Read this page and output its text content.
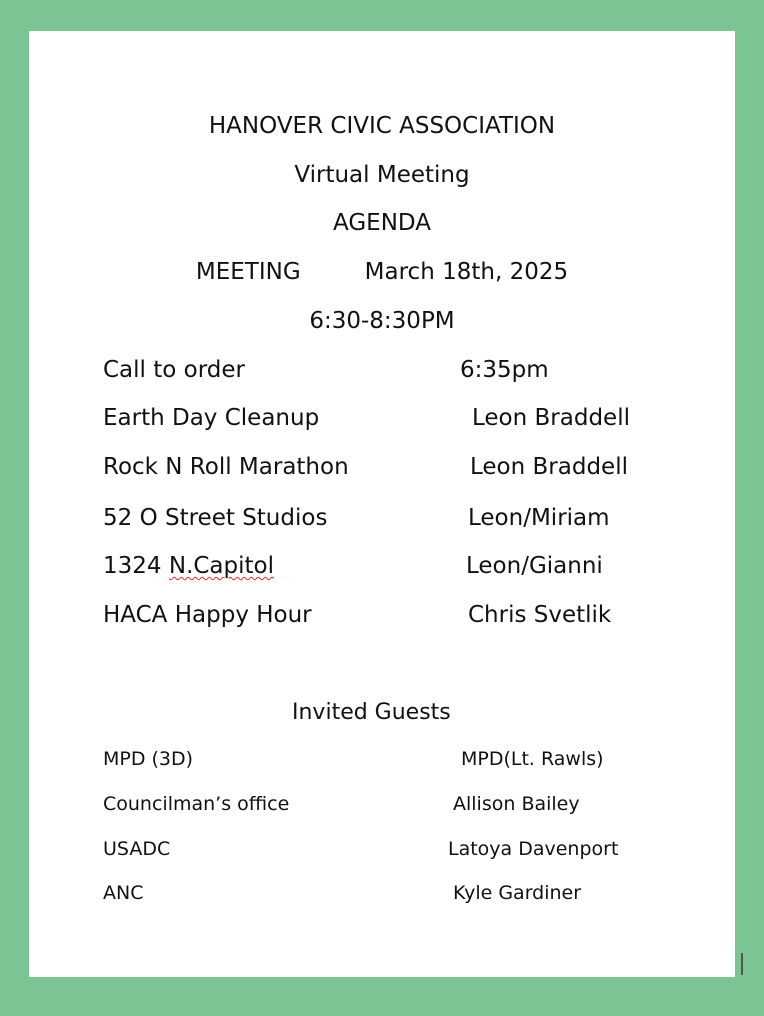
HANOVER CIVIC ASSOCIATION
Virtual Meeting
AGENDA
MEETING	March 18th, 2025
6:30-8:30PM
Call to order	6:35pm
Earth Day Cleanup	Leon Braddell
Rock N Roll Marathon	Leon Braddell
52 O Street Studios	Leon/Miriam
1324 N.Capitol	Leon/Gianni
HACA Happy Hour	Chris Svetlik
Invited Guests
MPD (3D)	MPD(Lt. Rawls)
Councilman’s office	Allison Bailey
USADC	Latoya Davenport
ANC	Kyle Gardiner
